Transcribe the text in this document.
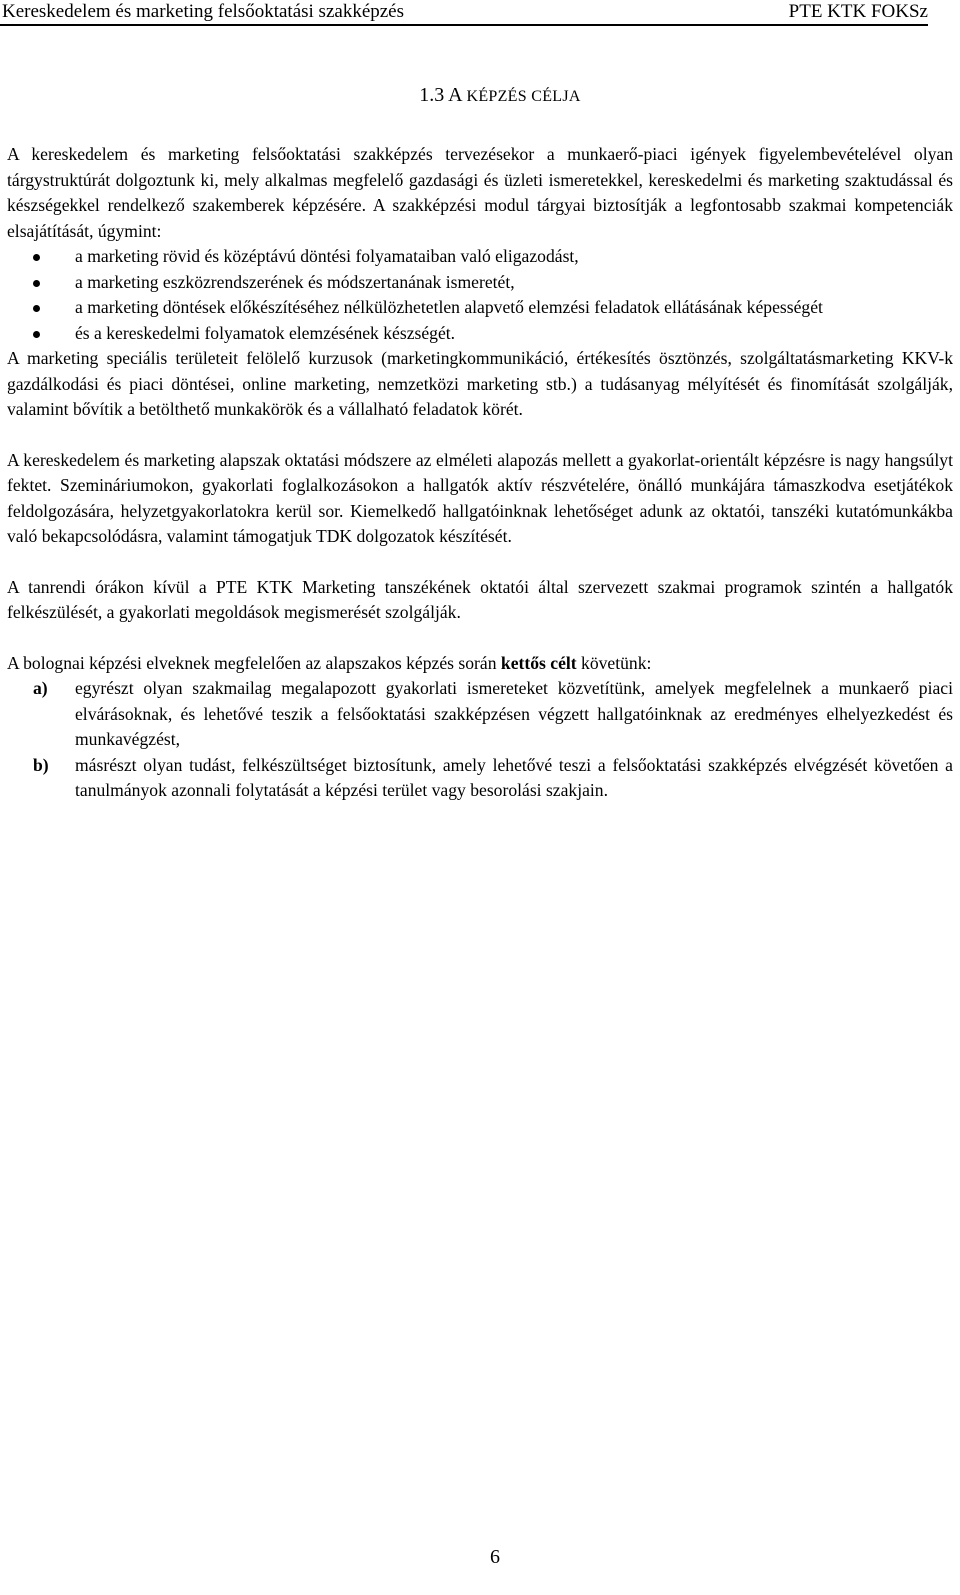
Kereskedelem és marketing felsőoktatási szakképzés	PTE KTK FOKSz
1.3 A KÉPZÉS CÉLJA

A kereskedelem és marketing felsőoktatási szakképzés tervezésekor a munkaerő-piaci igények figyelembevételével olyan tárgystruktúrát dolgoztunk ki, mely alkalmas megfelelő gazdasági és üzleti ismeretekkel, kereskedelmi és marketing szaktudással és készségekkel rendelkező szakemberek képzésére. A szakképzési modul tárgyai biztosítják a legfontosabb szakmai kompetenciák elsajátítását, úgymint:

a marketing rövid és középtávú döntési folyamataiban való eligazodást,
a marketing eszközrendszerének és módszertanának ismeretét,
a marketing döntések előkészítéséhez nélkülözhetetlen alapvető elemzési feladatok ellátásának képességét
és a kereskedelmi folyamatok elemzésének készségét.

A marketing speciális területeit felölelő kurzusok (marketingkommunikáció, értékesítés ösztönzés, szolgáltatásmarketing KKV-k gazdálkodási és piaci döntései, online marketing, nemzetközi marketing stb.) a tudásanyag mélyítését és finomítását szolgálják, valamint bővítik a betölthető munkakörök és a vállalható feladatok körét.

A kereskedelem és marketing alapszak oktatási módszere az elméleti alapozás mellett a gyakorlat-orientált képzésre is nagy hangsúlyt fektet. Szemináriumokon, gyakorlati foglalkozásokon a hallgatók aktív részvételére, önálló munkájára támaszkodva esetjátékok feldolgozására, helyzetgyakorlatokra kerül sor. Kiemelkedő hallgatóinknak lehetőséget adunk az oktatói, tanszéki kutatómunkákba való bekapcsolódásra, valamint támogatjuk TDK dolgozatok készítését.

A tanrendi órákon kívül a PTE KTK Marketing tanszékének oktatói által szervezett szakmai programok szintén a hallgatók felkészülését, a gyakorlati megoldások megismerését szolgálják.

A bolognai képzési elveknek megfelelően az alapszakos képzés során kettős célt követünk:

a) egyrészt olyan szakmailag megalapozott gyakorlati ismereteket közvetítünk, amelyek megfelelnek a munkaerő piaci elvárásoknak, és lehetővé teszik a felsőoktatási szakképzésen végzett hallgatóinknak az eredményes elhelyezkedést és munkavégzést,
b) másrészt olyan tudást, felkészültséget biztosítunk, amely lehetővé teszi a felsőoktatási szakképzés elvégzését követően a tanulmányok azonnali folytatását a képzési terület vagy besorolási szakjain.
6
